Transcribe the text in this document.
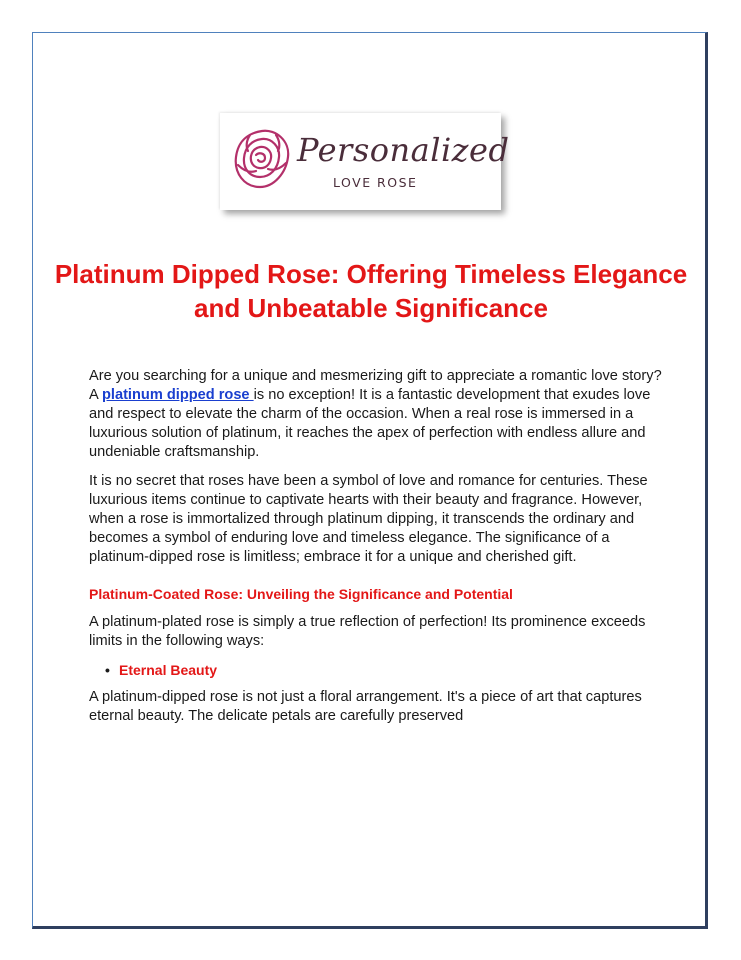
Personalized
LOVE ROSE
Platinum Dipped Rose: Offering Timeless Elegance and Unbeatable Significance

Are you searching for a unique and mesmerizing gift to appreciate a romantic love story? A platinum dipped rose is no exception! It is a fantastic development that exudes love and respect to elevate the charm of the occasion. When a real rose is immersed in a luxurious solution of platinum, it reaches the apex of perfection with endless allure and undeniable craftsmanship.

It is no secret that roses have been a symbol of love and romance for centuries. These luxurious items continue to captivate hearts with their beauty and fragrance. However, when a rose is immortalized through platinum dipping, it transcends the ordinary and becomes a symbol of enduring love and timeless elegance. The significance of a platinum-dipped rose is limitless; embrace it for a unique and cherished gift.

Platinum-Coated Rose: Unveiling the Significance and Potential

A platinum-plated rose is simply a true reflection of perfection! Its prominence exceeds limits in the following ways:

• Eternal Beauty

A platinum-dipped rose is not just a floral arrangement. It's a piece of art that captures eternal beauty. The delicate petals are carefully preserved
